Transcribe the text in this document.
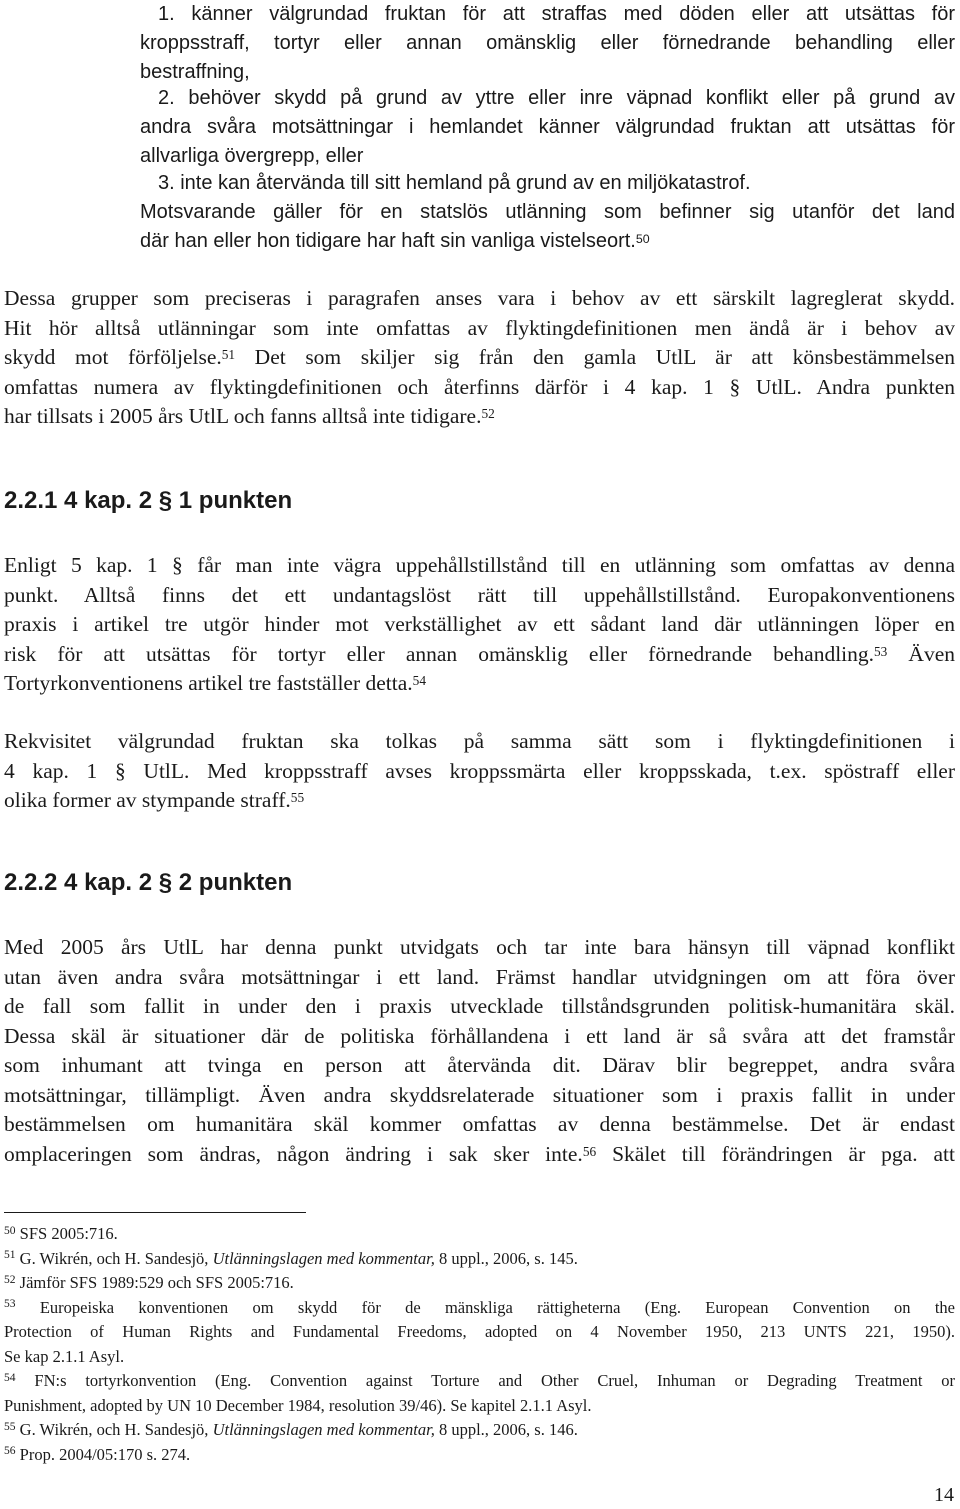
1. känner välgrundad fruktan för att straffas med döden eller att utsättas för
kroppsstraff, tortyr eller annan omänsklig eller förnedrande behandling eller
bestraffning,
2. behöver skydd på grund av yttre eller inre väpnad konflikt eller på grund av
andra svåra motsättningar i hemlandet känner välgrundad fruktan att utsättas för
allvarliga övergrepp, eller
3. inte kan återvända till sitt hemland på grund av en miljökatastrof.
Motsvarande gäller för en statslös utlänning som befinner sig utanför det land
där han eller hon tidigare har haft sin vanliga vistelseort.$^{50}$
Dessa grupper som preciseras i paragrafen anses vara i behov av ett särskilt lagreglerat skydd.
Hit hör alltså utlänningar som inte omfattas av flyktingdefinitionen men ändå är i behov av
skydd mot förföljelse.$^{51}$ Det som skiljer sig från den gamla UtlL är att könsbestämmelsen
omfattas numera av flyktingdefinitionen och återfinns därför i 4 kap. 1 § UtlL. Andra punkten
har tillsats i 2005 års UtlL och fanns alltså inte tidigare.$^{52}$
2.2.1 4 kap. 2 § 1 punkten
Enligt 5 kap. 1 § får man inte vägra uppehållstillstånd till en utlänning som omfattas av denna
punkt. Alltså finns det ett undantagslöst rätt till uppehållstillstånd. Europakonventionens
praxis i artikel tre utgör hinder mot verkställighet av ett sådant land där utlänningen löper en
risk för att utsättas för tortyr eller annan omänsklig eller förnedrande behandling.$^{53}$ Även
Tortyrkonventionens artikel tre fastställer detta.$^{54}$
Rekvisitet välgrundad fruktan ska tolkas på samma sätt som i flyktingdefinitionen i
4 kap. 1 § UtlL. Med kroppsstraff avses kroppssmärta eller kroppsskada, t.ex. spöstraff eller
olika former av stympande straff.$^{55}$
2.2.2 4 kap. 2 § 2 punkten
Med 2005 års UtlL har denna punkt utvidgats och tar inte bara hänsyn till väpnad konflikt
utan även andra svåra motsättningar i ett land. Främst handlar utvidgningen om att föra över
de fall som fallit in under den i praxis utvecklade tillståndsgrunden politisk-humanitära skäl.
Dessa skäl är situationer där de politiska förhållandena i ett land är så svåra att det framstår
som inhumant att tvinga en person att återvända dit. Därav blir begreppet, andra svåra
motsättningar, tillämpligt. Även andra skyddsrelaterade situationer som i praxis fallit in under
bestämmelsen om humanitära skäl kommer omfattas av denna bestämmelse. Det är endast
omplaceringen som ändras, någon ändring i sak sker inte.$^{56}$ Skälet till förändringen är pga. att
$^{50}$ SFS 2005:716.
$^{51}$ G. Wikrén, och H. Sandesjö, Utlänningslagen med kommentar, 8 uppl., 2006, s. 145.
$^{52}$ Jämför SFS 1989:529 och SFS 2005:716.
$^{53}$ Europeiska konventionen om skydd för de mänskliga rättigheterna (Eng. European Convention on the
Protection of Human Rights and Fundamental Freedoms, adopted on 4 November 1950, 213 UNTS 221, 1950).
Se kap 2.1.1 Asyl.
$^{54}$ FN:s tortyrkonvention (Eng. Convention against Torture and Other Cruel, Inhuman or Degrading Treatment or
Punishment, adopted by UN 10 December 1984, resolution 39/46). Se kapitel 2.1.1 Asyl.
$^{55}$ G. Wikrén, och H. Sandesjö, Utlänningslagen med kommentar, 8 uppl., 2006, s. 146.
$^{56}$ Prop. 2004/05:170 s. 274.
14
